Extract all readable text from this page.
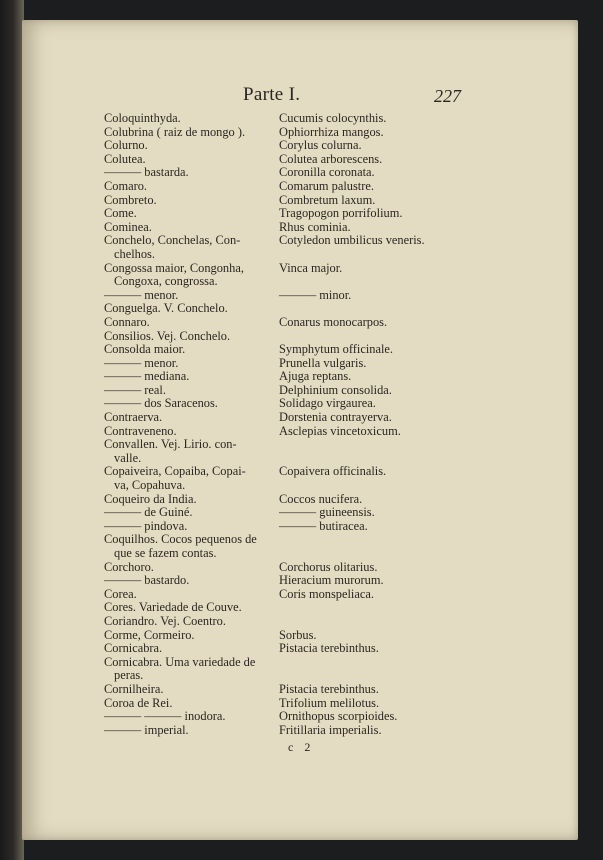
Parte I.	227
Coloquinthyda.
Colubrina ( raiz de mongo ).
Colurno.
Colutea.
——— bastarda.
Comaro.
Combreto.
Come.
Cominea.
Conchelo, Conchelas, Con-
chelhos.
Congossa maior, Congonha,
Congoxa, congrossa.
——— menor.
Conguelga. V. Conchelo.
Connaro.
Consilios. Vej. Conchelo.
Consolda maior.
——— menor.
——— mediana.
——— real.
——— dos Saracenos.
Contraerva.
Contraveneno.
Convallen. Vej. Lirio. con-
valle.
Copaiveira, Copaiba, Copai-
va, Copahuva.
Coqueiro da India.
——— de Guiné.
——— pindova.
Coquilhos. Cocos pequenos de
que se fazem contas.
Corchoro.
——— bastardo.
Corea.
Cores. Variedade de Couve.
Coriandro. Vej. Coentro.
Corme, Cormeiro.
Cornicabra.
Cornicabra. Uma variedade de
peras.
Cornilheira.
Coroa de Rei.
——— ——— inodora.
——— imperial.
Cucumis colocynthis.
Ophiorrhiza mangos.
Corylus colurna.
Colutea arborescens.
Coronilla coronata.
Comarum palustre.
Combretum laxum.
Tragopogon porrifolium.
Rhus cominia.
Cotyledon umbilicus veneris.
Vinca major.
——— minor.
Conarus monocarpos.
Symphytum officinale.
Prunella vulgaris.
Ajuga reptans.
Delphinium consolida.
Solidago virgaurea.
Dorstenia contrayerva.
Asclepias vincetoxicum.
Copaivera officinalis.
Coccos nucifera.
——— guineensis.
——— butiracea.
Corchorus olitarius.
Hieracium murorum.
Coris monspeliaca.
Sorbus.
Pistacia terebinthus.
Pistacia terebinthus.
Trifolium melilotus.
Ornithopus scorpioides.
Fritillaria imperialis.
c 2
